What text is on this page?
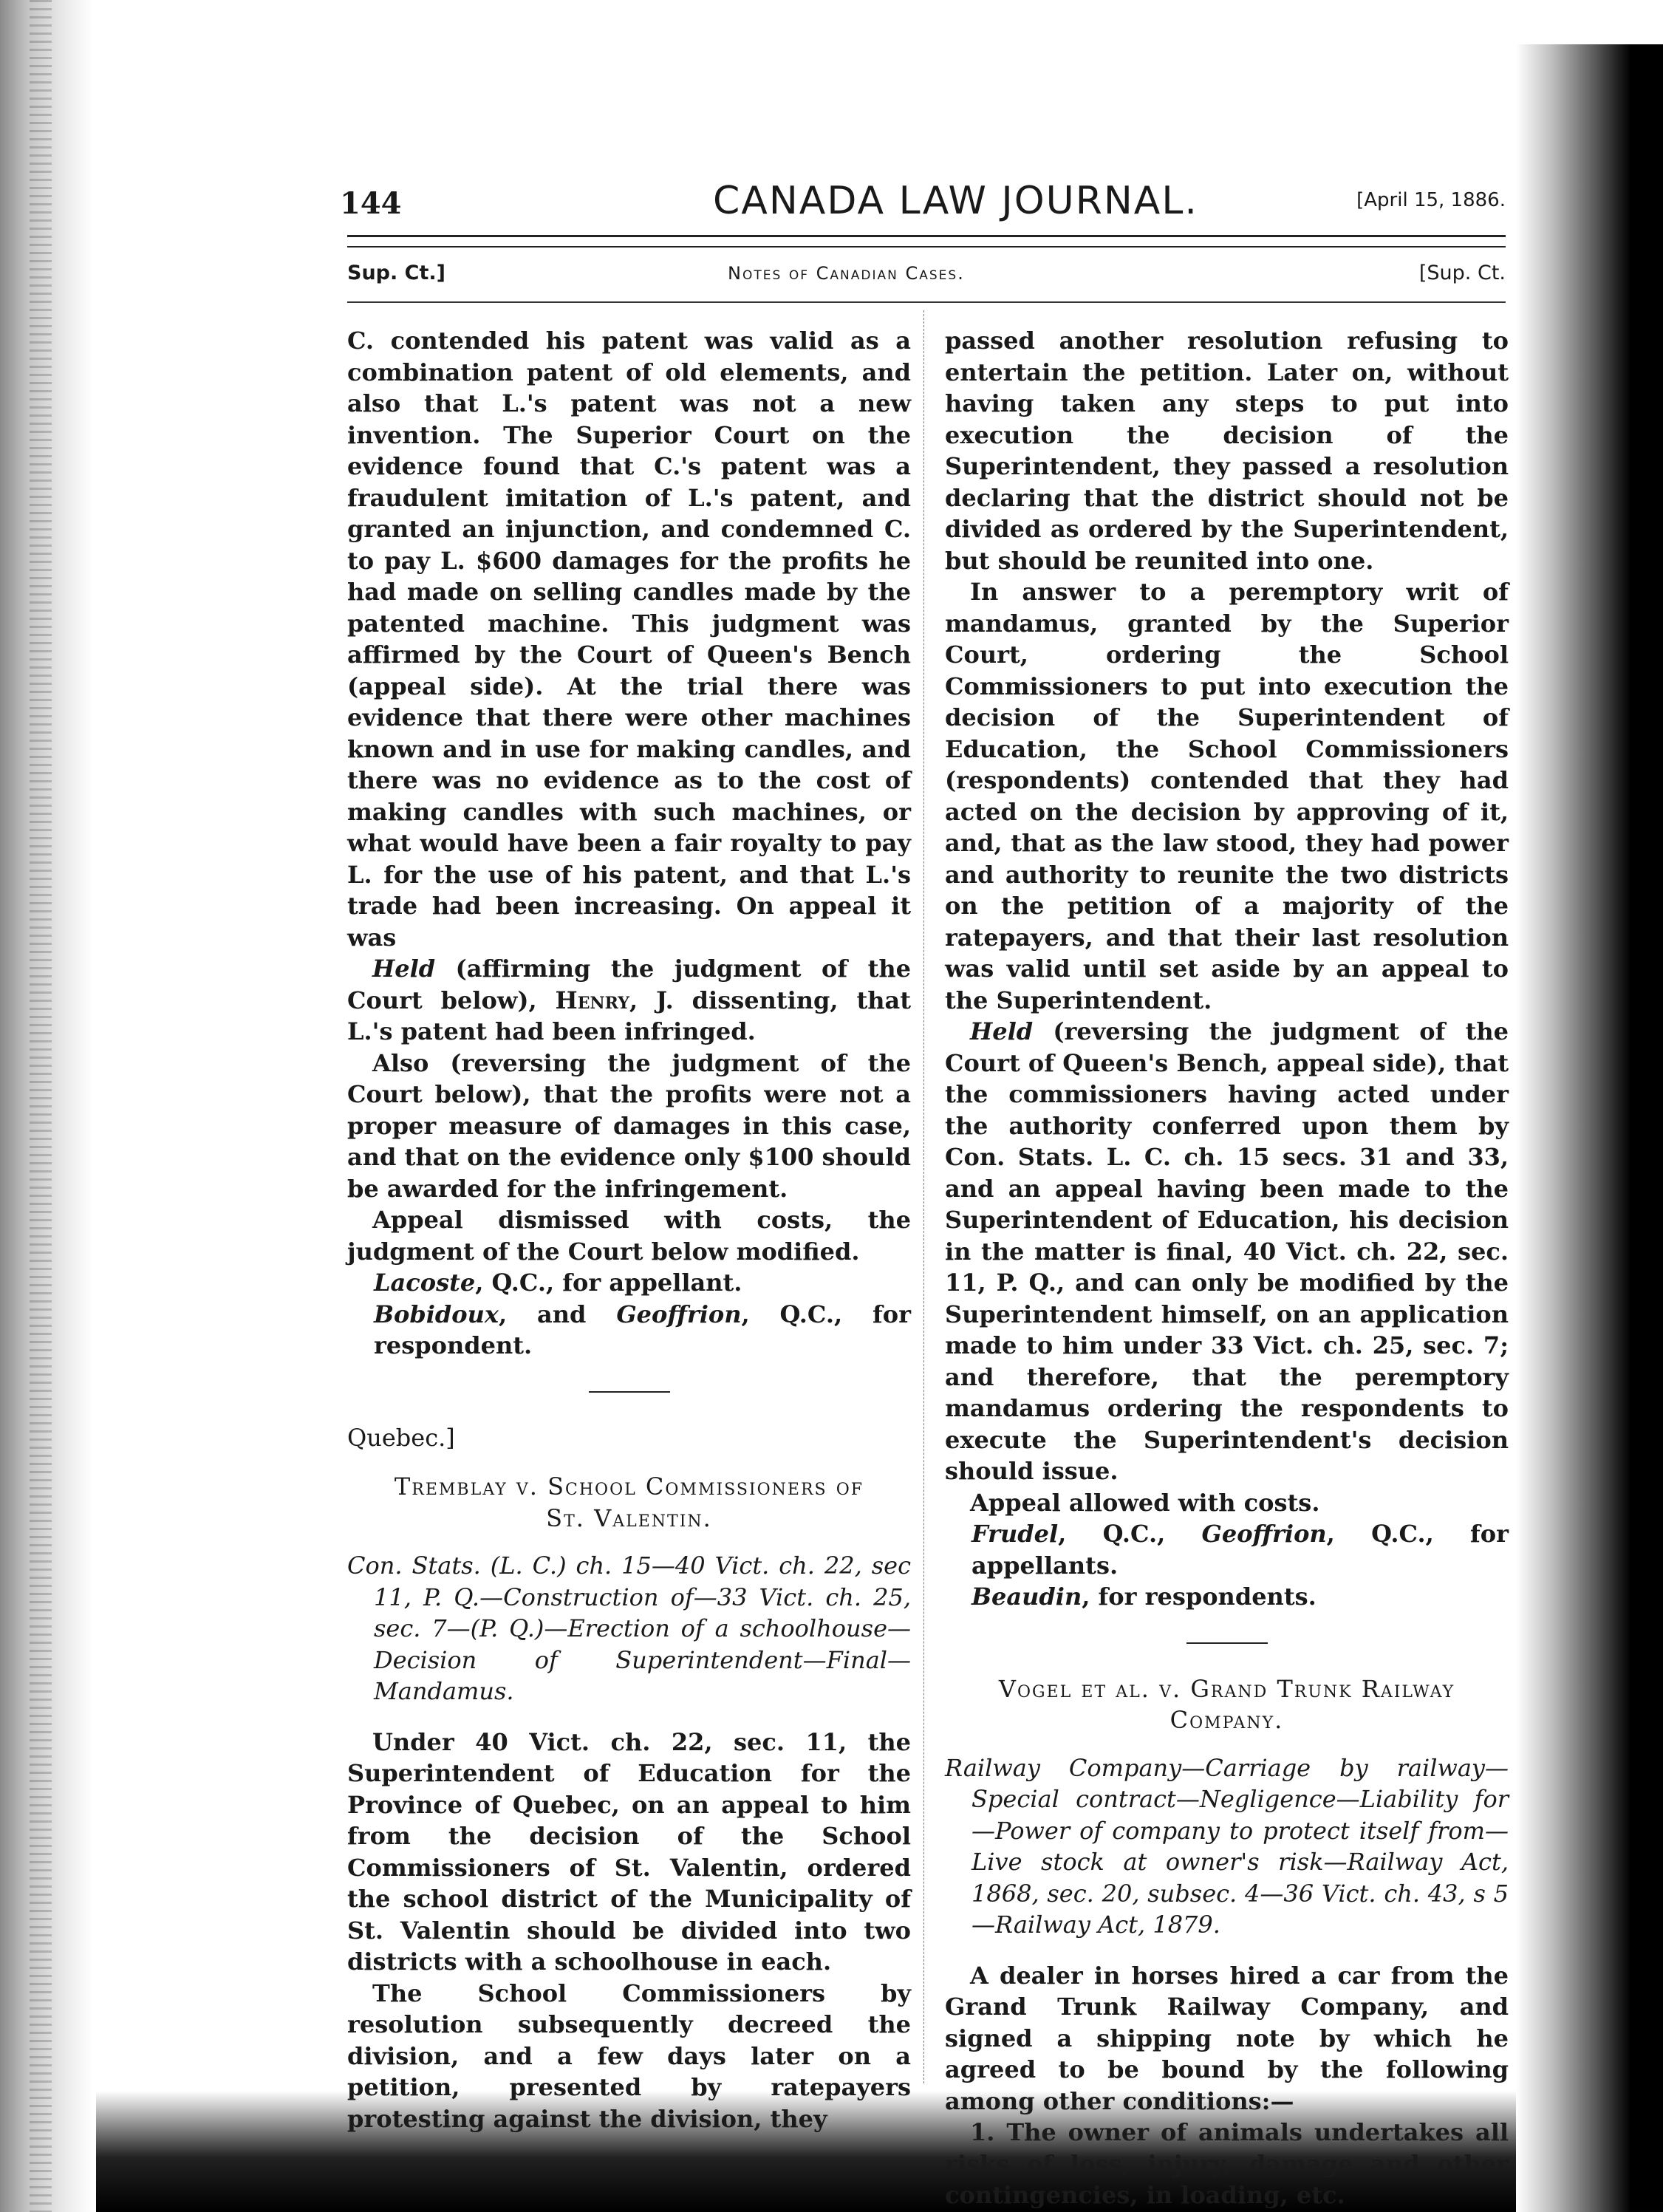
144	CANADA LAW JOURNAL.	[April 15, 1886.
Sup. Ct.]	Notes of Canadian Cases.	[Sup. Ct.

C. contended his patent was valid as a combination patent of old elements, and also that L.'s patent was not a new invention. The Superior Court on the evidence found that C.'s patent was a fraudulent imitation of L.'s patent, and granted an injunction, and condemned C. to pay L. $600 damages for the profits he had made on selling candles made by the patented machine. This judgment was affirmed by the Court of Queen's Bench (appeal side). At the trial there was evidence that there were other machines known and in use for making candles, and there was no evidence as to the cost of making candles with such machines, or what would have been a fair royalty to pay L. for the use of his patent, and that L.'s trade had been increasing. On appeal it was

Held (affirming the judgment of the Court below), Henry, J. dissenting, that L.'s patent had been infringed.

Also (reversing the judgment of the Court below), that the profits were not a proper measure of damages in this case, and that on the evidence only $100 should be awarded for the infringement.

Appeal dismissed with costs, the judgment of the Court below modified.

Lacoste, Q.C., for appellant.

Bobidoux, and Geoffrion, Q.C., for respondent.

Quebec.]

Tremblay v. School Commissioners of

St. Valentin.

Con. Stats. (L. C.) ch. 15—40 Vict. ch. 22, sec 11, P. Q.—Construction of—33 Vict. ch. 25, sec. 7—(P. Q.)—Erection of a schoolhouse—Decision of Superintendent—Final—Mandamus.

Under 40 Vict. ch. 22, sec. 11, the Superintendent of Education for the Province of Quebec, on an appeal to him from the decision of the School Commissioners of St. Valentin, ordered the school district of the Municipality of St. Valentin should be divided into two districts with a schoolhouse in each.

The School Commissioners by resolution subsequently decreed the division, and a few days later on a petition, presented by ratepayers protesting against the division, they

passed another resolution refusing to entertain the petition. Later on, without having taken any steps to put into execution the decision of the Superintendent, they passed a resolution declaring that the district should not be divided as ordered by the Superintendent, but should be reunited into one.

In answer to a peremptory writ of mandamus, granted by the Superior Court, ordering the School Commissioners to put into execution the decision of the Superintendent of Education, the School Commissioners (respondents) contended that they had acted on the decision by approving of it, and, that as the law stood, they had power and authority to reunite the two districts on the petition of a majority of the ratepayers, and that their last resolution was valid until set aside by an appeal to the Superintendent.

Held (reversing the judgment of the Court of Queen's Bench, appeal side), that the commissioners having acted under the authority conferred upon them by Con. Stats. L. C. ch. 15 secs. 31 and 33, and an appeal having been made to the Superintendent of Education, his decision in the matter is final, 40 Vict. ch. 22, sec. 11, P. Q., and can only be modified by the Superintendent himself, on an application made to him under 33 Vict. ch. 25, sec. 7; and therefore, that the peremptory mandamus ordering the respondents to execute the Superintendent's decision should issue.

Appeal allowed with costs.

Frudel, Q.C., Geoffrion, Q.C., for appellants.

Beaudin, for respondents.

Vogel et al. v. Grand Trunk Railway

Company.

Railway Company—Carriage by railway—Special contract—Negligence—Liability for—Power of company to protect itself from—Live stock at owner's risk—Railway Act, 1868, sec. 20, subsec. 4—36 Vict. ch. 43, s 5—Railway Act, 1879.

A dealer in horses hired a car from the Grand Trunk Railway Company, and signed a shipping note by which he agreed to be bound by the following among other conditions:—

1. The owner of animals undertakes all risks of loss, injury, damage and other contingencies, in loading, etc.
